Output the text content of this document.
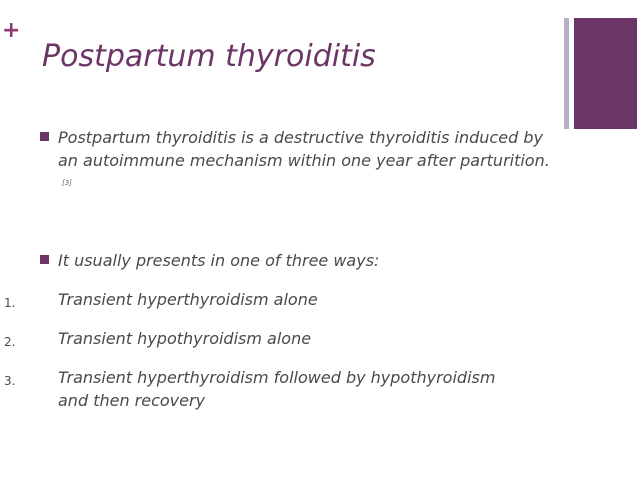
+
Postpartum thyroiditis
Postpartum thyroiditis is a destructive thyroiditis induced by an autoimmune mechanism within one year after parturition.[3]
It usually presents in one of three ways:
1.	Transient hyperthyroidism alone
2.	Transient hypothyroidism alone
3.	Transient hyperthyroidism followed by hypothyroidism and then recovery
